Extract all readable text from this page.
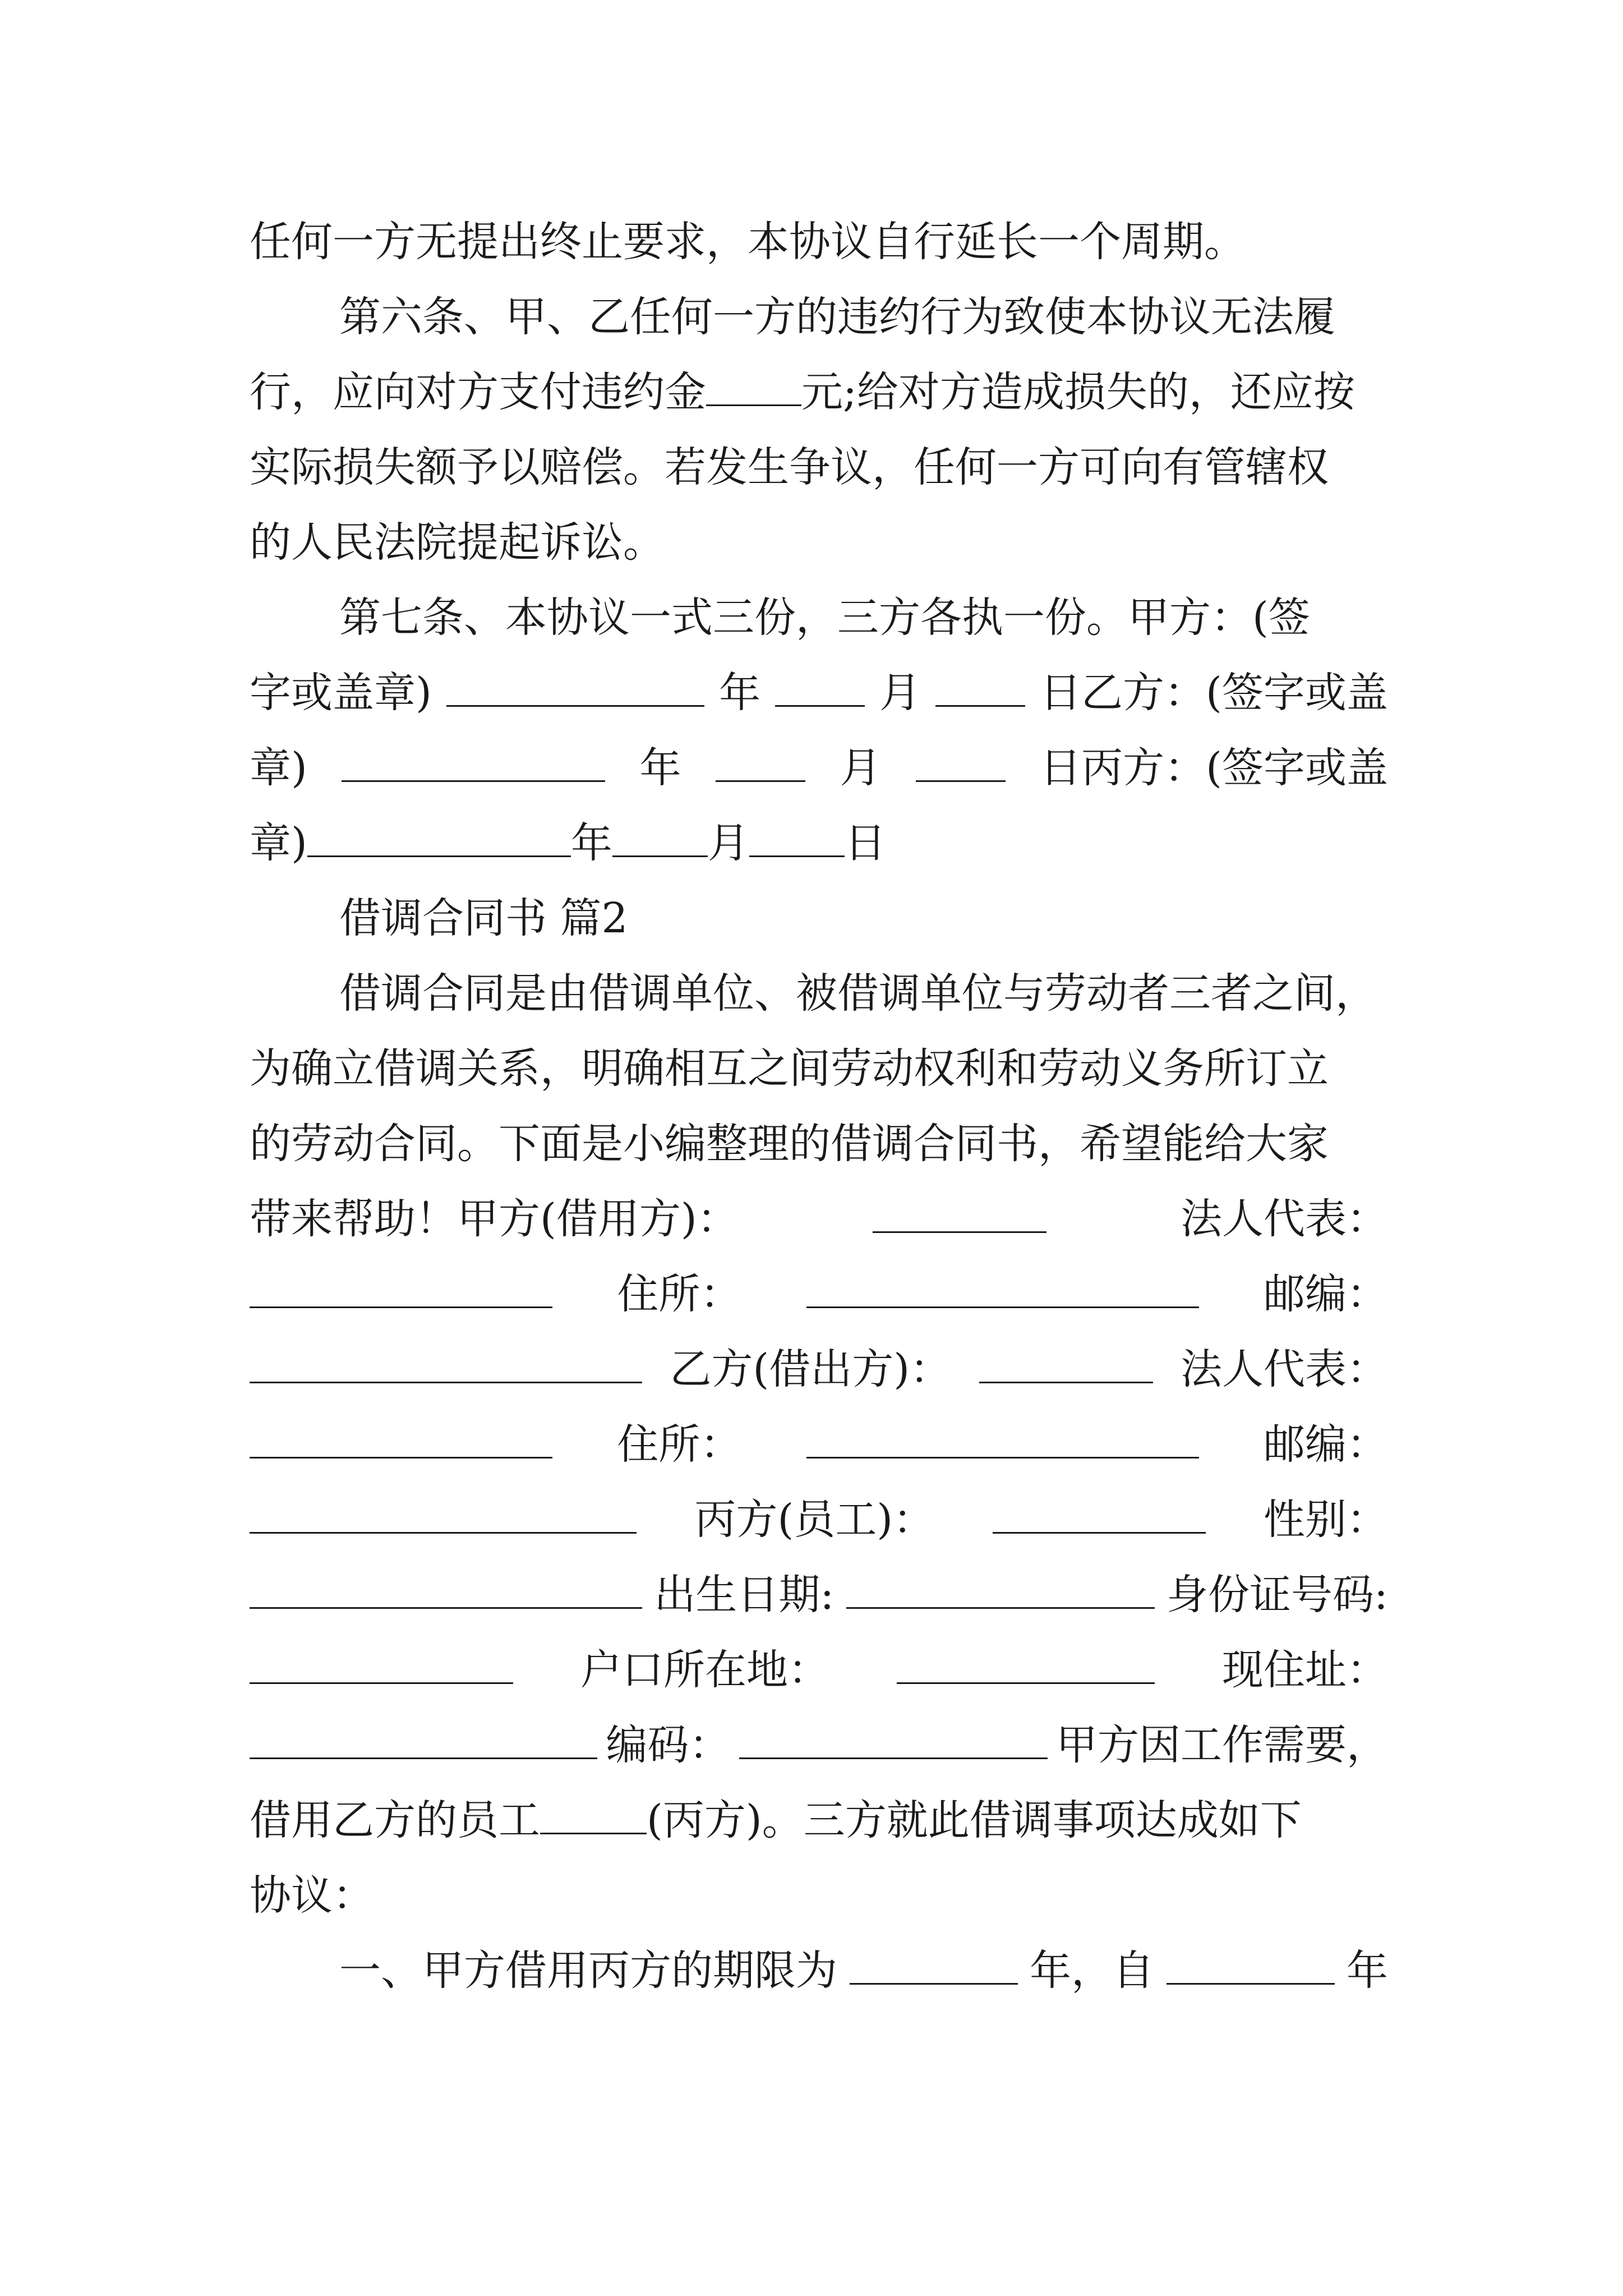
任何一方无提出终止要求，本协议自行延长一个周期。
第六条、甲、乙任何一方的违约行为致使本协议无法履
行，应向对方支付违约金 元;给对方造成损失的，还应按
实际损失额予以赔偿。若发生争议，任何一方可向有管辖权
的人民法院提起诉讼。
第七条、本协议一式三份，三方各执一份。甲方：(签
字或盖章)	年	月	日乙方：(签字或盖
章)	年	月	日丙方：(签字或盖
章)	年 月 日
借调合同书 篇2
借调合同是由借调单位、被借调单位与劳动者三者之间，
为确立借调关系，明确相互之间劳动权利和劳动义务所订立
的劳动合同。下面是小编整理的借调合同书，希望能给大家
带来帮助！甲方(借用方)：	法人代表：
住所：	邮编：
乙方(借出方)：	法人代表：
住所：	邮编：
丙方(员工)：	性别：
出生日期:	身份证号码:
户口所在地：	现住址：
编码：	甲方因工作需要，
借用乙方的员工	(丙方)。三方就此借调事项达成如下
协议：
一、甲方借用丙方的期限为	年，自	年
